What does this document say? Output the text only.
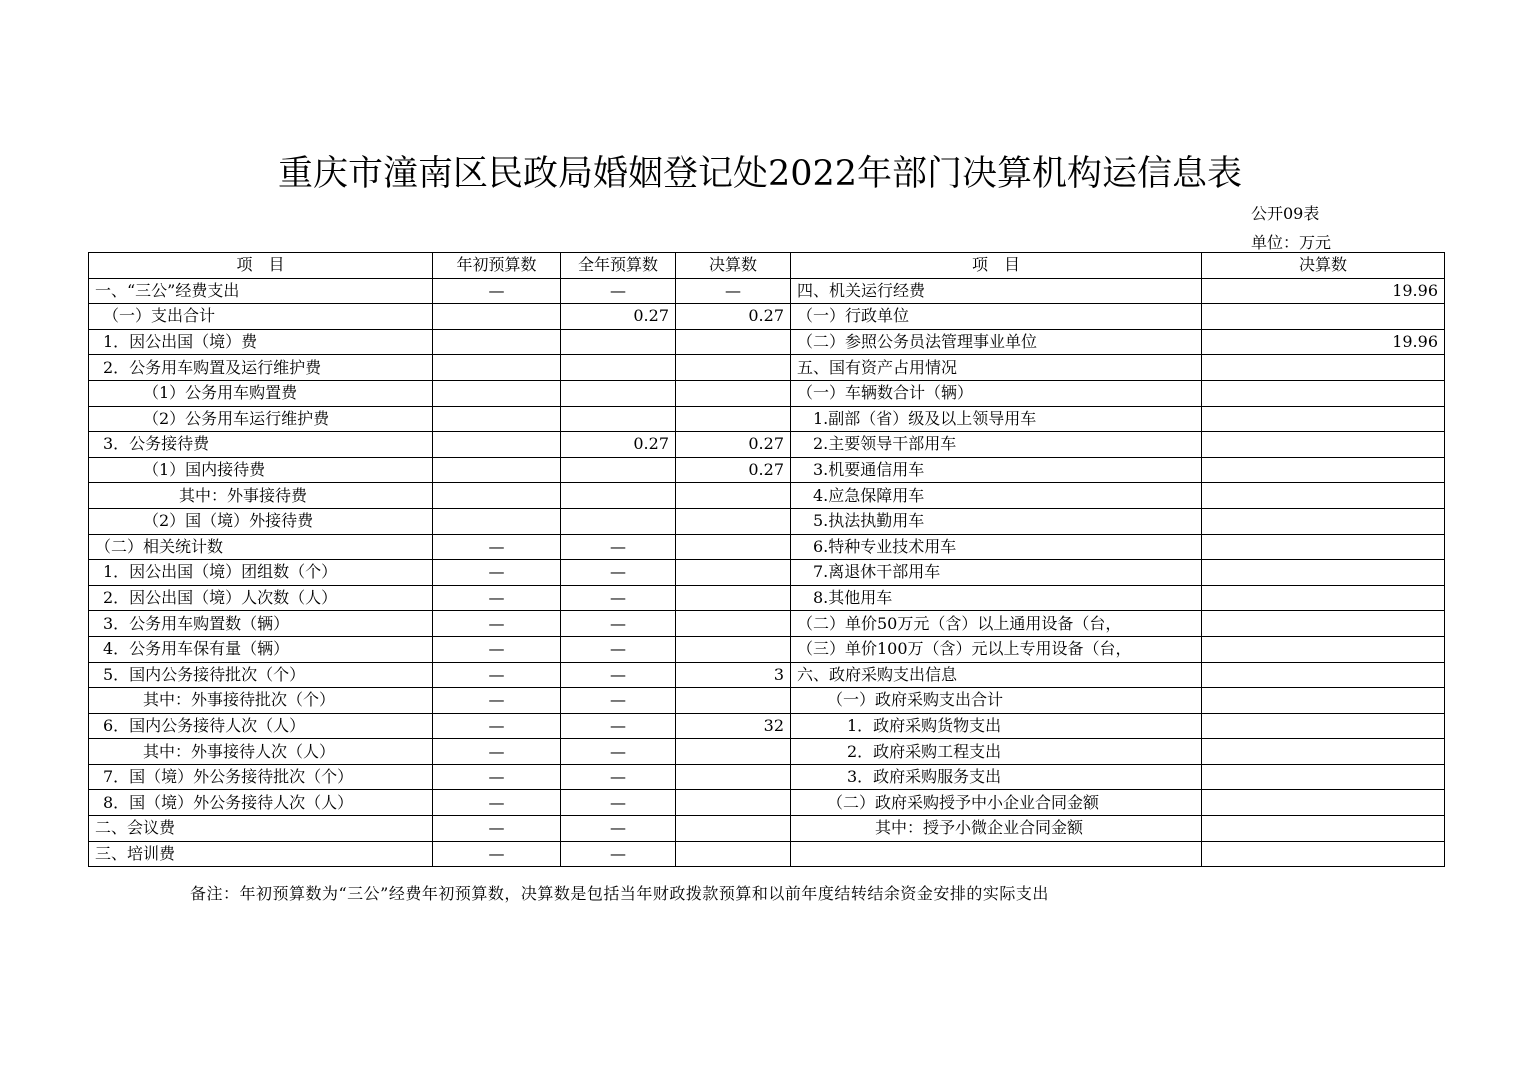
重庆市潼南区民政局婚姻登记处2022年部门决算机构运信息表
公开09表
单位：万元
项　目	年初预算数	全年预算数	决算数	项　目	决算数
一、“三公”经费支出	—	—	—	四、机关运行经费	19.96
（一）支出合计		0.27	0.27	（一）行政单位	
1．因公出国（境）费				（二）参照公务员法管理事业单位	19.96
2．公务用车购置及运行维护费				五、国有资产占用情况	
（1）公务用车购置费				（一）车辆数合计（辆）	
（2）公务用车运行维护费				1.副部（省）级及以上领导用车	
3．公务接待费		0.27	0.27	2.主要领导干部用车	
（1）国内接待费			0.27	3.机要通信用车	
其中：外事接待费				4.应急保障用车	
（2）国（境）外接待费				5.执法执勤用车	
（二）相关统计数	—	—		6.特种专业技术用车	
1．因公出国（境）团组数（个）	—	—		7.离退休干部用车	
2．因公出国（境）人次数（人）	—	—		8.其他用车	
3．公务用车购置数（辆）	—	—		（二）单价50万元（含）以上通用设备（台，	
4．公务用车保有量（辆）	—	—		（三）单价100万（含）元以上专用设备（台，	
5．国内公务接待批次（个）	—	—	3	六、政府采购支出信息	
其中：外事接待批次（个）	—	—		（一）政府采购支出合计	
6．国内公务接待人次（人）	—	—	32	1．政府采购货物支出	
其中：外事接待人次（人）	—	—		2．政府采购工程支出	
7．国（境）外公务接待批次（个）	—	—		3．政府采购服务支出	
8．国（境）外公务接待人次（人）	—	—		（二）政府采购授予中小企业合同金额	
二、会议费	—	—		其中：授予小微企业合同金额	
三、培训费	—	—			
备注：年初预算数为“三公”经费年初预算数，决算数是包括当年财政拨款预算和以前年度结转结余资金安排的实际支出
